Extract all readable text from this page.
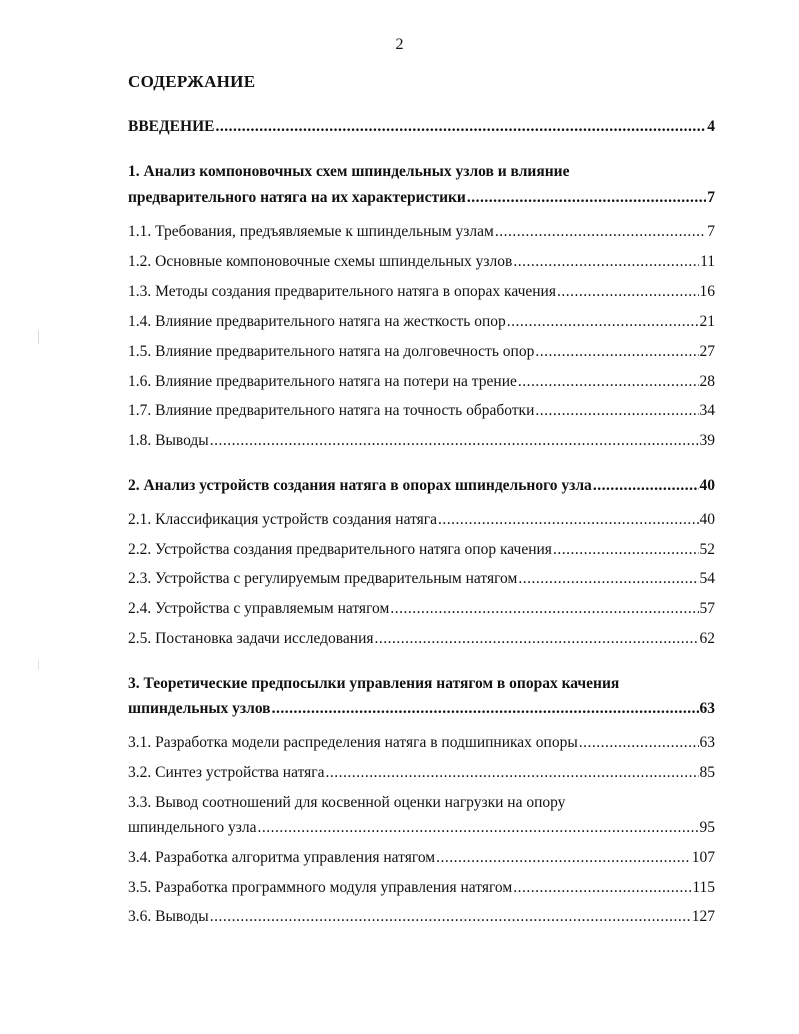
2
СОДЕРЖАНИЕ
ВВЕДЕНИЕ .....	4
1. Анализ компоновочных схем шпиндельных узлов и влияние
предварительного натяга на их характеристики .....	7
1.1. Требования, предъявляемые к шпиндельным узлам .....	7
1.2. Основные компоновочные схемы шпиндельных узлов .....	11
1.3. Методы создания предварительного натяга в опорах качения .....	16
1.4. Влияние предварительного натяга на жесткость опор .....	21
1.5. Влияние предварительного натяга на долговечность опор .....	27
1.6. Влияние предварительного натяга на потери на трение .....	28
1.7. Влияние предварительного натяга на точность обработки .....	34
1.8. Выводы .....	39
2. Анализ устройств создания натяга в опорах шпиндельного узла .....	40
2.1. Классификация устройств создания натяга .....	40
2.2. Устройства создания предварительного натяга опор качения .....	52
2.3. Устройства с регулируемым предварительным натягом .....	54
2.4. Устройства с управляемым натягом .....	57
2.5. Постановка задачи исследования .....	62
3. Теоретические предпосылки управления натягом в опорах качения
шпиндельных узлов .....	63
3.1. Разработка модели распределения натяга в подшипниках опоры .....	63
3.2. Синтез устройства натяга .....	85
3.3. Вывод соотношений для косвенной оценки нагрузки на опору
шпиндельного узла .....	95
3.4. Разработка алгоритма управления натягом .....	107
3.5. Разработка программного модуля управления натягом .....	115
3.6. Выводы .....	127
